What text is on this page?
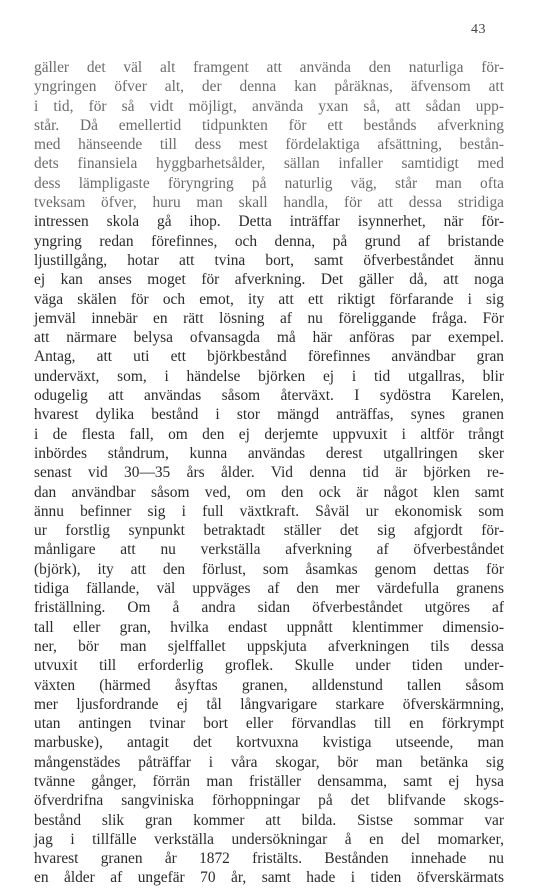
43
gäller det väl alt framgent att använda den naturliga för-
yngringen öfver alt, der denna kan påräknas, äfvensom att
i tid, för så vidt möjligt, använda yxan så, att sådan upp-
står. Då emellertid tidpunkten för ett bestånds afverkning
med hänseende till dess mest fördelaktiga afsättning, bestån-
dets finansiela hyggbarhetsålder, sällan infaller samtidigt med
dess lämpligaste föryngring på naturlig väg, står man ofta
tveksam öfver, huru man skall handla, för att dessa stridiga
intressen skola gå ihop. Detta inträffar isynnerhet, när för-
yngring redan förefinnes, och denna, på grund af bristande
ljustillgång, hotar att tvina bort, samt öfverbeståndet ännu
ej kan anses moget för afverkning. Det gäller då, att noga
väga skälen för och emot, ity att ett riktigt förfarande i sig
jemväl innebär en rätt lösning af nu föreliggande fråga. För
att närmare belysa ofvansagda må här anföras par exempel.
Antag, att uti ett björkbestånd förefinnes användbar gran
underväxt, som, i händelse björken ej i tid utgallras, blir
odugelig att användas såsom återväxt. I sydöstra Karelen,
hvarest dylika bestånd i stor mängd anträffas, synes granen
i de flesta fall, om den ej derjemte uppvuxit i altför trångt
inbördes ståndrum, kunna användas derest utgallringen sker
senast vid 30—35 års ålder. Vid denna tid är björken re-
dan användbar såsom ved, om den ock är något klen samt
ännu befinner sig i full växtkraft. Såväl ur ekonomisk som
ur forstlig synpunkt betraktadt ställer det sig afgjordt för-
månligare att nu verkställa afverkning af öfverbeståndet
(björk), ity att den förlust, som åsamkas genom dettas för
tidiga fällande, väl uppväges af den mer värdefulla granens
friställning. Om å andra sidan öfverbeståndet utgöres af
tall eller gran, hvilka endast uppnått klentimmer dimensio-
ner, bör man sjelffallet uppskjuta afverkningen tils dessa
utvuxit till erforderlig groflek. Skulle under tiden under-
växten (härmed åsyftas granen, alldenstund tallen såsom
mer ljusfordrande ej tål långvarigare starkare öfverskärmning,
utan antingen tvinar bort eller förvandlas till en förkrympt
marbuske), antagit det kortvuxna kvistiga utseende, man
mångenstädes påträffar i våra skogar, bör man betänka sig
tvänne gånger, förrän man friställer densamma, samt ej hysa
öfverdrifna sangviniska förhoppningar på det blifvande skogs-
bestånd slik gran kommer att bilda. Sistse sommar var
jag i tillfälle verkställa undersökningar å en del momarker,
hvarest granen år 1872 fristälts. Bestånden innehade nu
en ålder af ungefär 70 år, samt hade i tiden öfverskärmats
